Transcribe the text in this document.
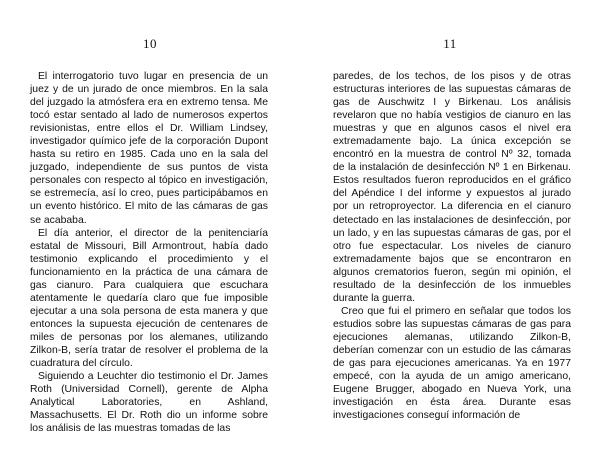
10

El interrogatorio tuvo lugar en presencia de un juez y de un jurado de once miembros. En la sala del juzgado la atmósfera era en extremo tensa. Me tocó estar sentado al lado de numerosos expertos revisionistas, entre ellos el Dr. William Lindsey, investigador químico jefe de la corporación Dupont hasta su retiro en 1985. Cada uno en la sala del juzgado, independiente de sus puntos de vista personales con respecto al tópico en investigación, se estremecía, así lo creo, pues participábamos en un evento histórico. El mito de las cámaras de gas se acababa.

El día anterior, el director de la penitenciaría estatal de Missouri, Bill Armontrout, había dado testimonio explicando el procedimiento y el funcionamiento en la práctica de una cámara de gas cianuro. Para cualquiera que escuchara atentamente le quedaría claro que fue imposible ejecutar a una sola persona de esta manera y que entonces la supuesta ejecución de centenares de miles de personas por los alemanes, utilizando Zilkon-B, sería tratar de resolver el problema de la cuadratura del círculo.

Siguiendo a Leuchter dio testimonio el Dr. James Roth (Universidad Cornell), gerente de Alpha Analytical Laboratories, en Ashland, Massachusetts. El Dr. Roth dio un informe sobre los análisis de las muestras tomadas de las

11

paredes, de los techos, de los pisos y de otras estructuras interiores de las supuestas cámaras de gas de Auschwitz I y Birkenau. Los análisis revelaron que no había vestigios de cianuro en las muestras y que en algunos casos el nivel era extremadamente bajo. La única excepción se encontró en la muestra de control Nº 32, tomada de la instalación de desinfección Nº 1 en Birkenau. Estos resultados fueron reproducidos en el gráfico del Apéndice I del informe y expuestos al jurado por un retroproyector. La diferencia en el cianuro detectado en las instalaciones de desinfección, por un lado, y en las supuestas cámaras de gas, por el otro fue espectacular. Los niveles de cianuro extremadamente bajos que se encontraron en algunos crematorios fueron, según mi opinión, el resultado de la desinfección de los inmuebles durante la guerra.

Creo que fui el primero en señalar que todos los estudios sobre las supuestas cámaras de gas para ejecuciones alemanas, utilizando Zilkon-B, deberían comenzar con un estudio de las cámaras de gas para ejecuciones americanas. Ya en 1977 empecé, con la ayuda de un amigo americano, Eugene Brugger, abogado en Nueva York, una investigación en ésta área. Durante esas investigaciones conseguí información de
